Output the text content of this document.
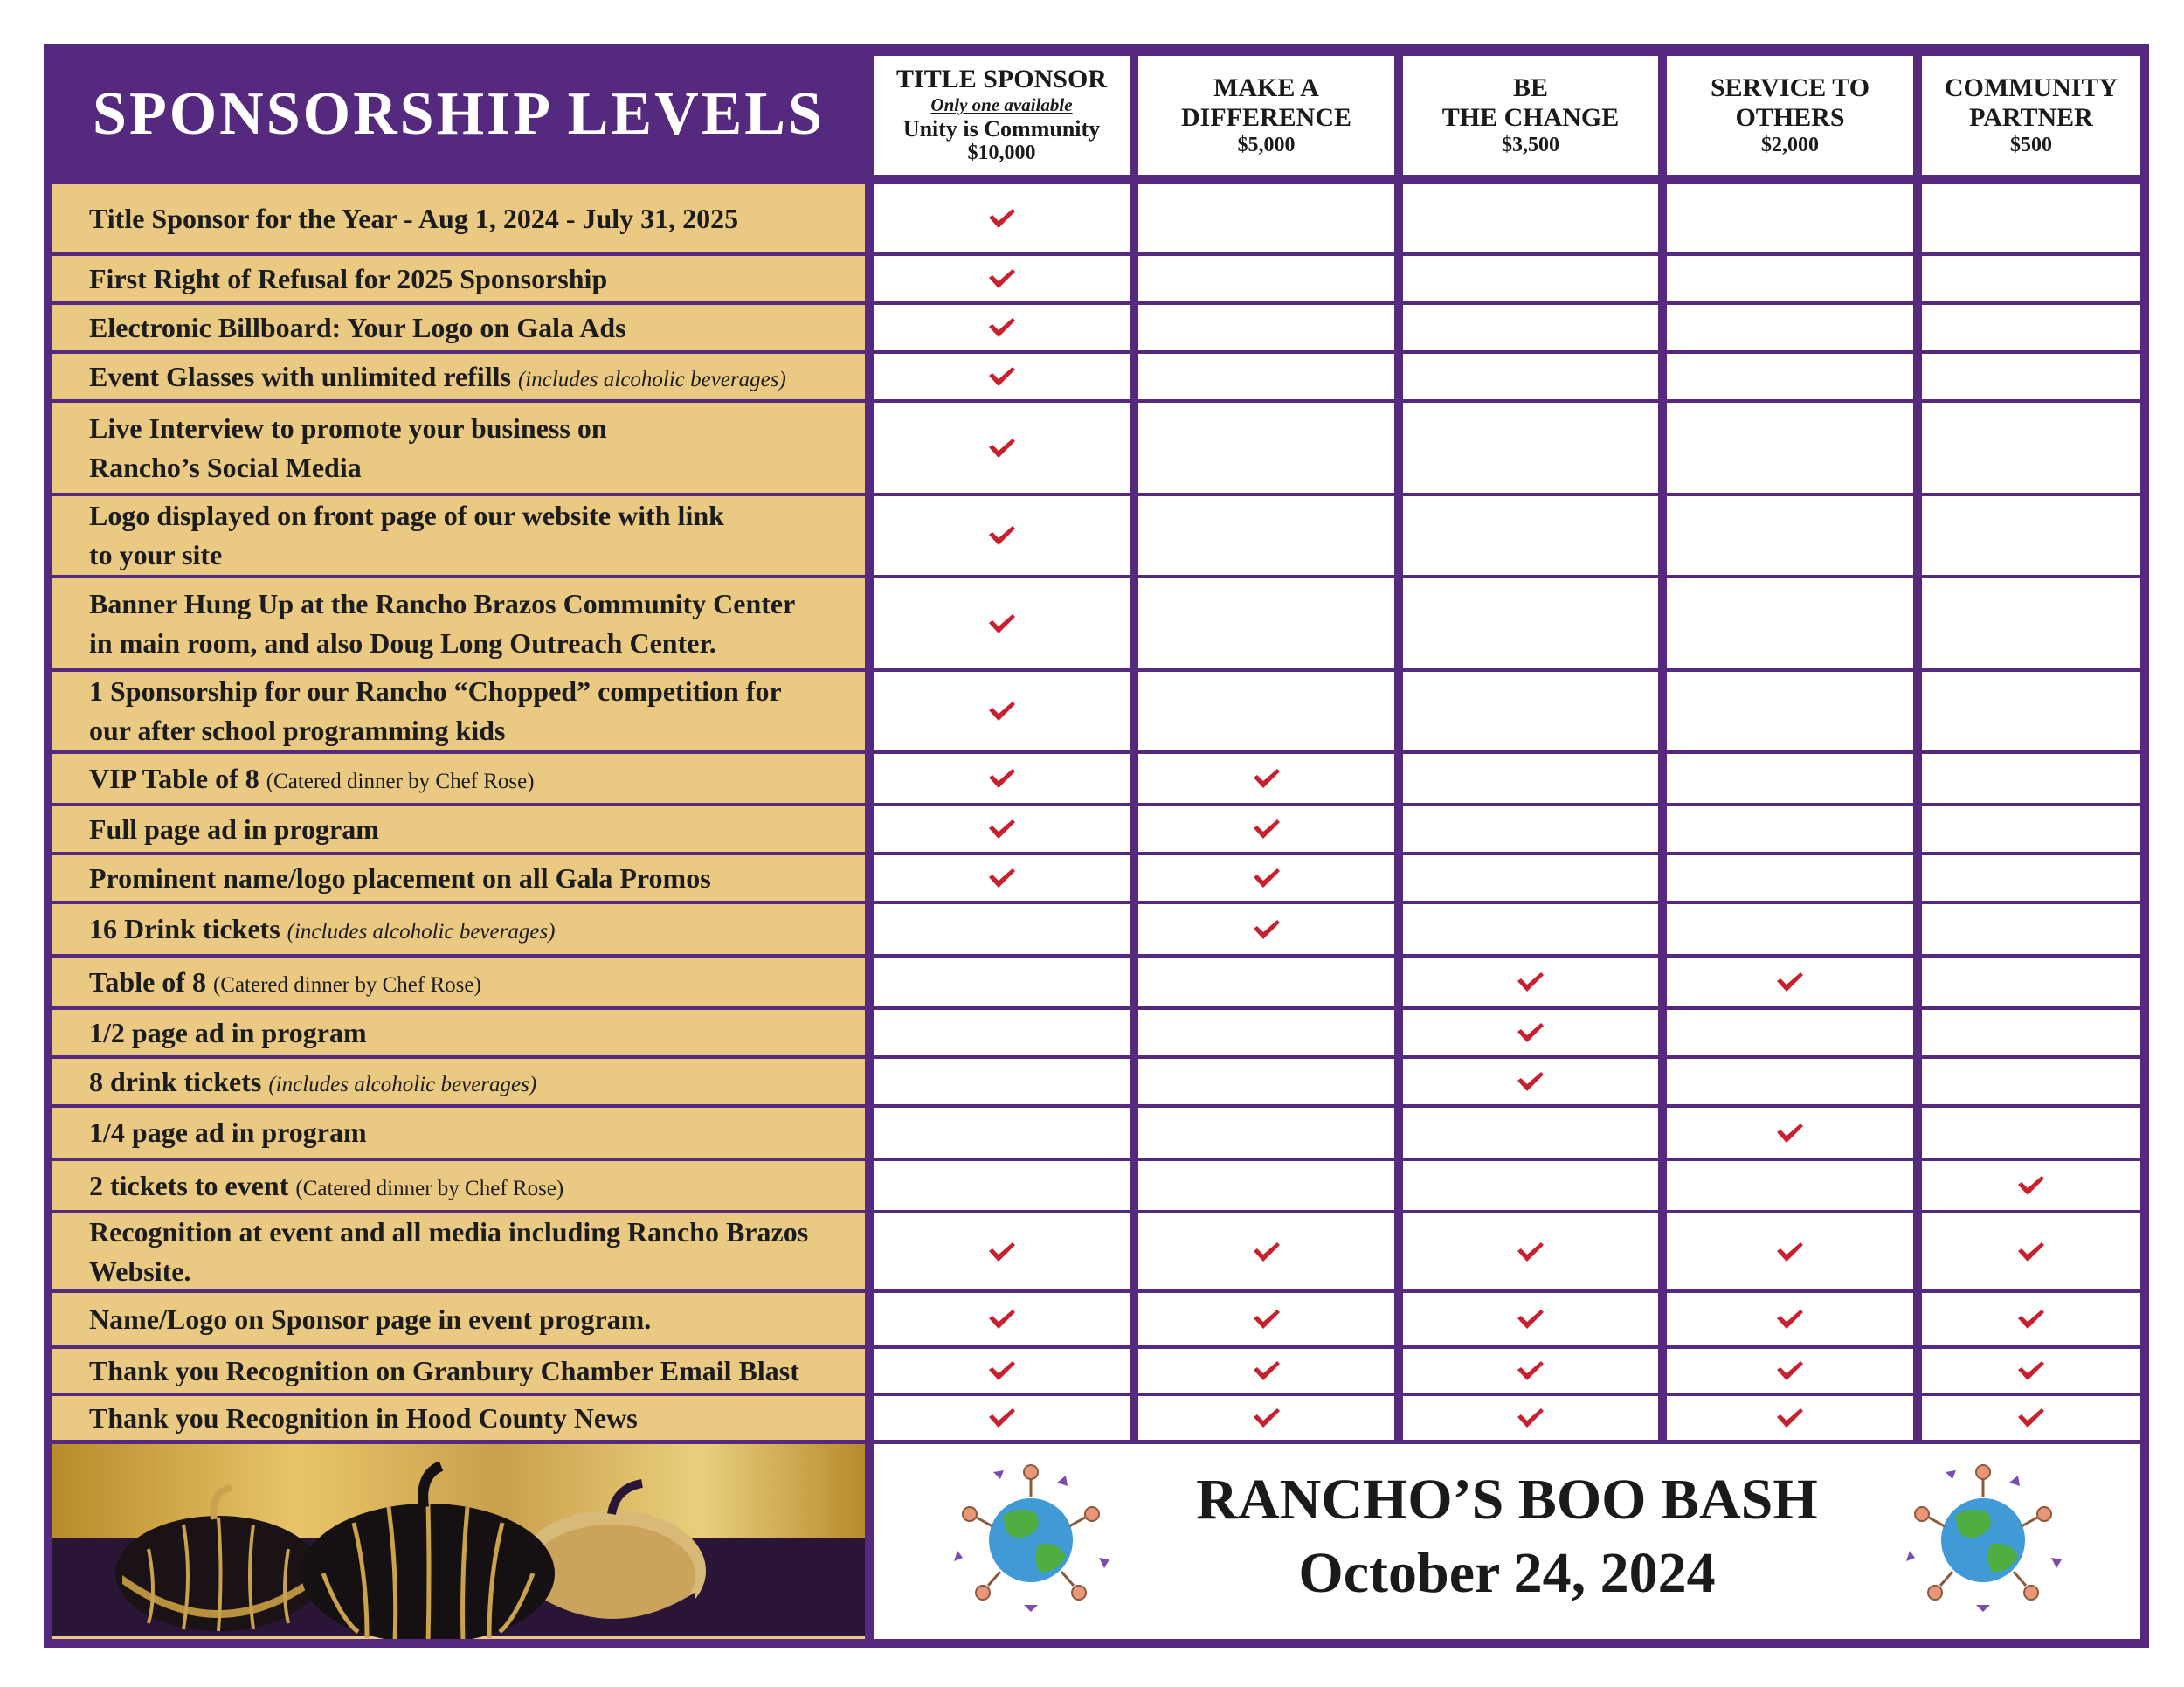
SPONSORSHIP LEVELS
TITLE SPONSOR
Only one available
Unity is Community
$10,000
MAKE A
DIFFERENCE
$5,000
BE
THE CHANGE
$3,500
SERVICE TO
OTHERS
$2,000
COMMUNITY
PARTNER
$500
Title Sponsor for the Year - Aug 1, 2024 - July 31, 2025
First Right of Refusal for 2025 Sponsorship
Electronic Billboard: Your Logo on Gala Ads
Event Glasses with unlimited refills (includes alcoholic beverages)
Live Interview to promote your business on
Rancho’s Social Media
Logo displayed on front page of our website with link
to your site
Banner Hung Up at the Rancho Brazos Community Center
in main room, and also Doug Long Outreach Center.
1 Sponsorship for our Rancho “Chopped” competition for
our after school programming kids
VIP Table of 8 (Catered dinner by Chef Rose)
Full page ad in program
Prominent name/logo placement on all Gala Promos
16 Drink tickets (includes alcoholic beverages)
Table of 8 (Catered dinner by Chef Rose)
1/2 page ad in program
8 drink tickets (includes alcoholic beverages)
1/4 page ad in program
2 tickets to event (Catered dinner by Chef Rose)
Recognition at event and all media including Rancho Brazos
Website.
Name/Logo on Sponsor page in event program.
Thank you Recognition on Granbury Chamber Email Blast
Thank you Recognition in Hood County News
RANCHO’S BOO BASH
October 24, 2024
